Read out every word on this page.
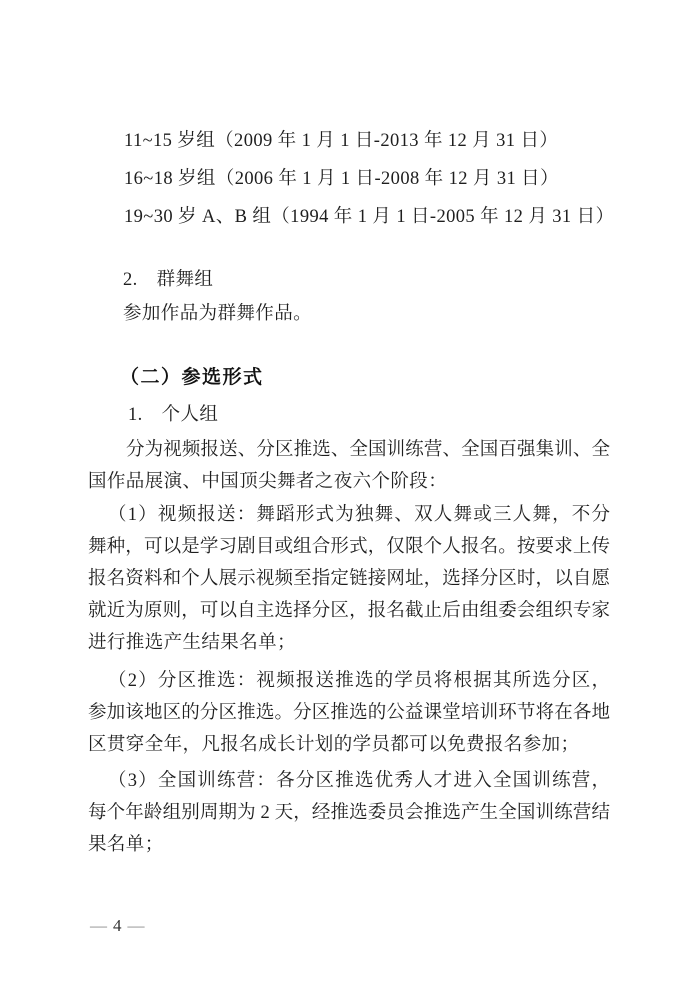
11~15 岁组（2009 年 1 月 1 日-2013 年 12 月 31 日）
16~18 岁组（2006 年 1 月 1 日-2008 年 12 月 31 日）
19~30 岁 A、B 组（1994 年 1 月 1 日-2005 年 12 月 31 日）
2.　群舞组
参加作品为群舞作品。
（二）参选形式
1.　个人组
分为视频报送、分区推选、全国训练营、全国百强集训、全
国作品展演、中国顶尖舞者之夜六个阶段：
（1）视频报送：舞蹈形式为独舞、双人舞或三人舞，不分
舞种，可以是学习剧目或组合形式，仅限个人报名。按要求上传
报名资料和个人展示视频至指定链接网址，选择分区时，以自愿
就近为原则，可以自主选择分区，报名截止后由组委会组织专家
进行推选产生结果名单；
（2）分区推选：视频报送推选的学员将根据其所选分区，
参加该地区的分区推选。分区推选的公益课堂培训环节将在各地
区贯穿全年，凡报名成长计划的学员都可以免费报名参加；
（3）全国训练营：各分区推选优秀人才进入全国训练营，
每个年龄组别周期为 2 天，经推选委员会推选产生全国训练营结
果名单；
— 4 —
